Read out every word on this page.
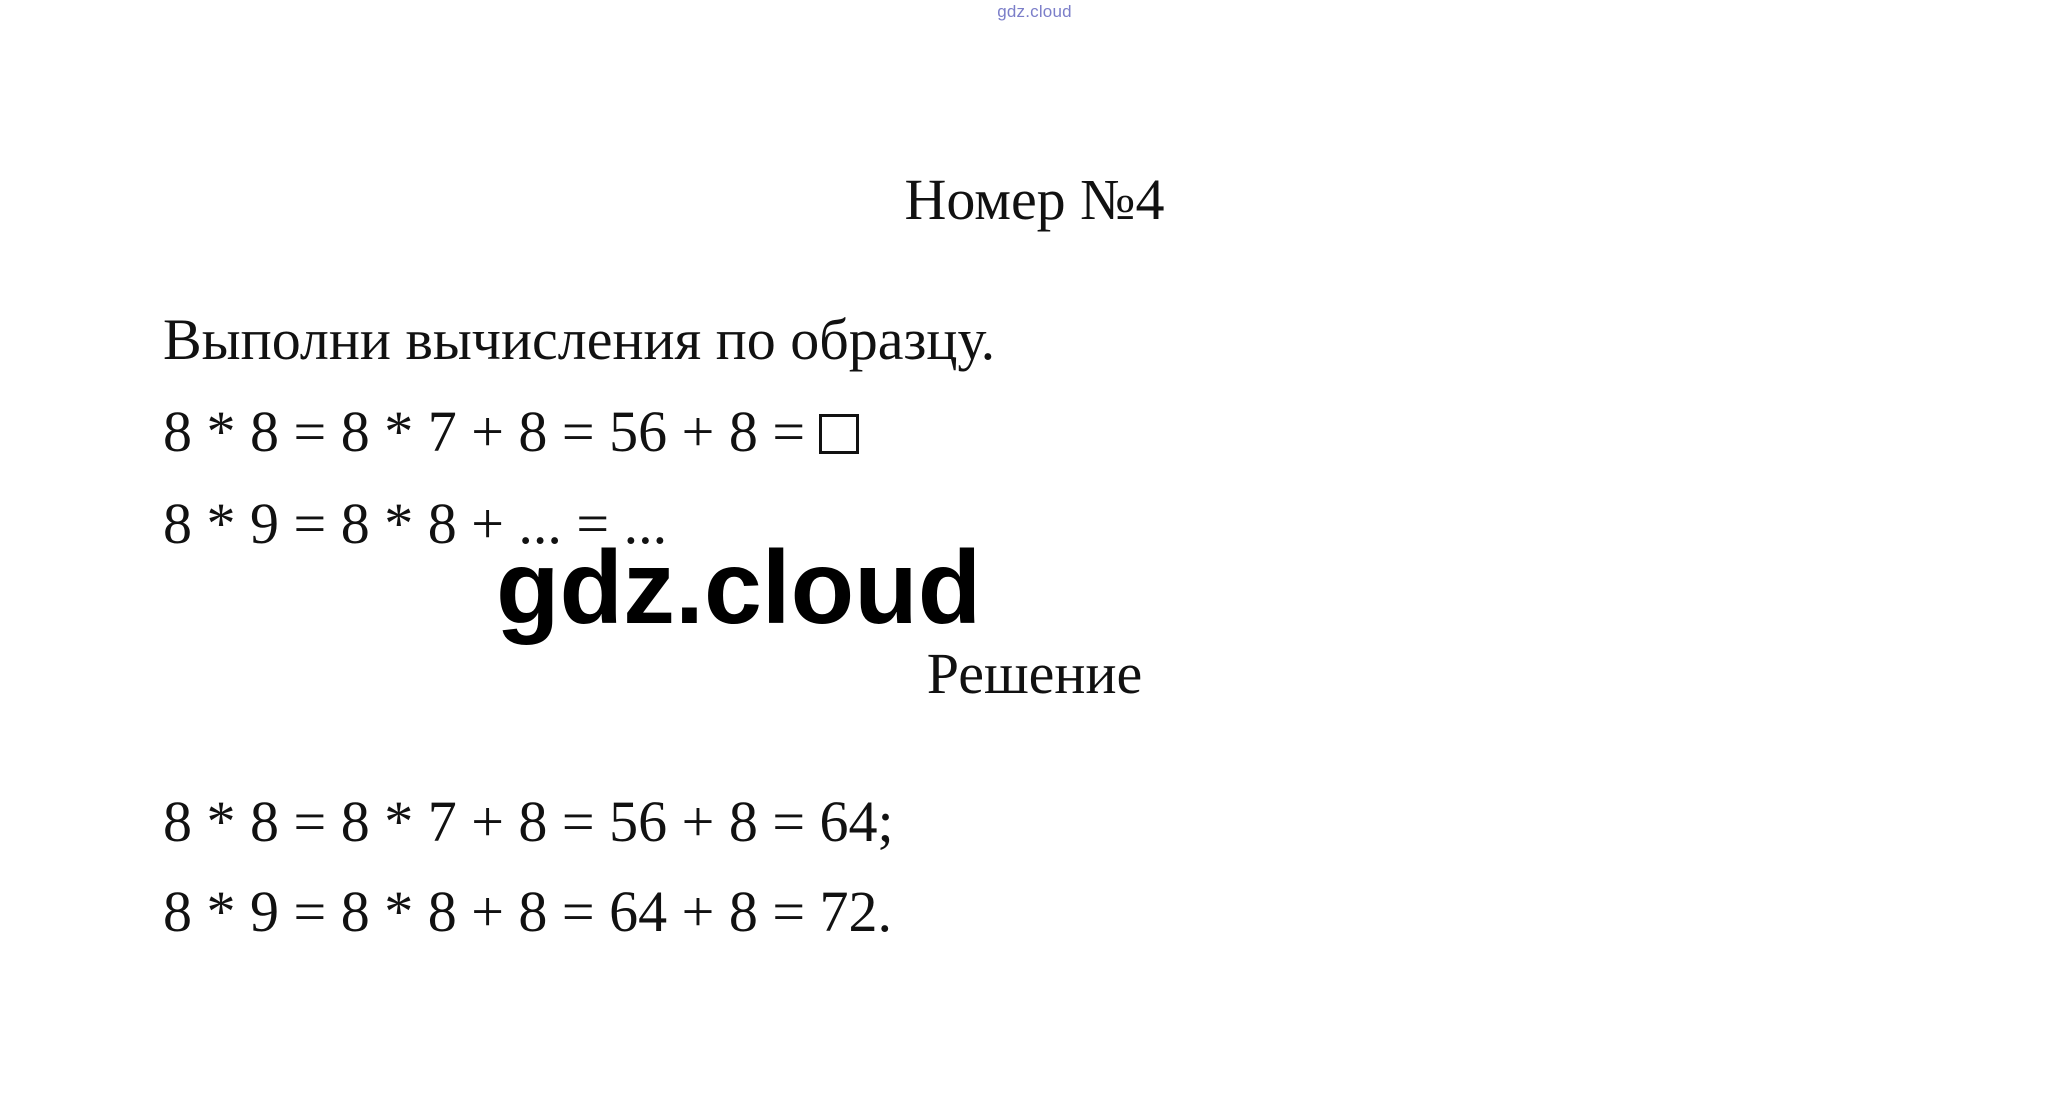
gdz.cloud
Номер №4
Выполни вычисления по образцу.
8 * 8 = 8 * 7 + 8 = 56 + 8 =
8 * 9 = 8 * 8 + ... = ...
gdz.cloud
Решение
8 * 8 = 8 * 7 + 8 = 56 + 8 = 64;
8 * 9 = 8 * 8 + 8 = 64 + 8 = 72.
